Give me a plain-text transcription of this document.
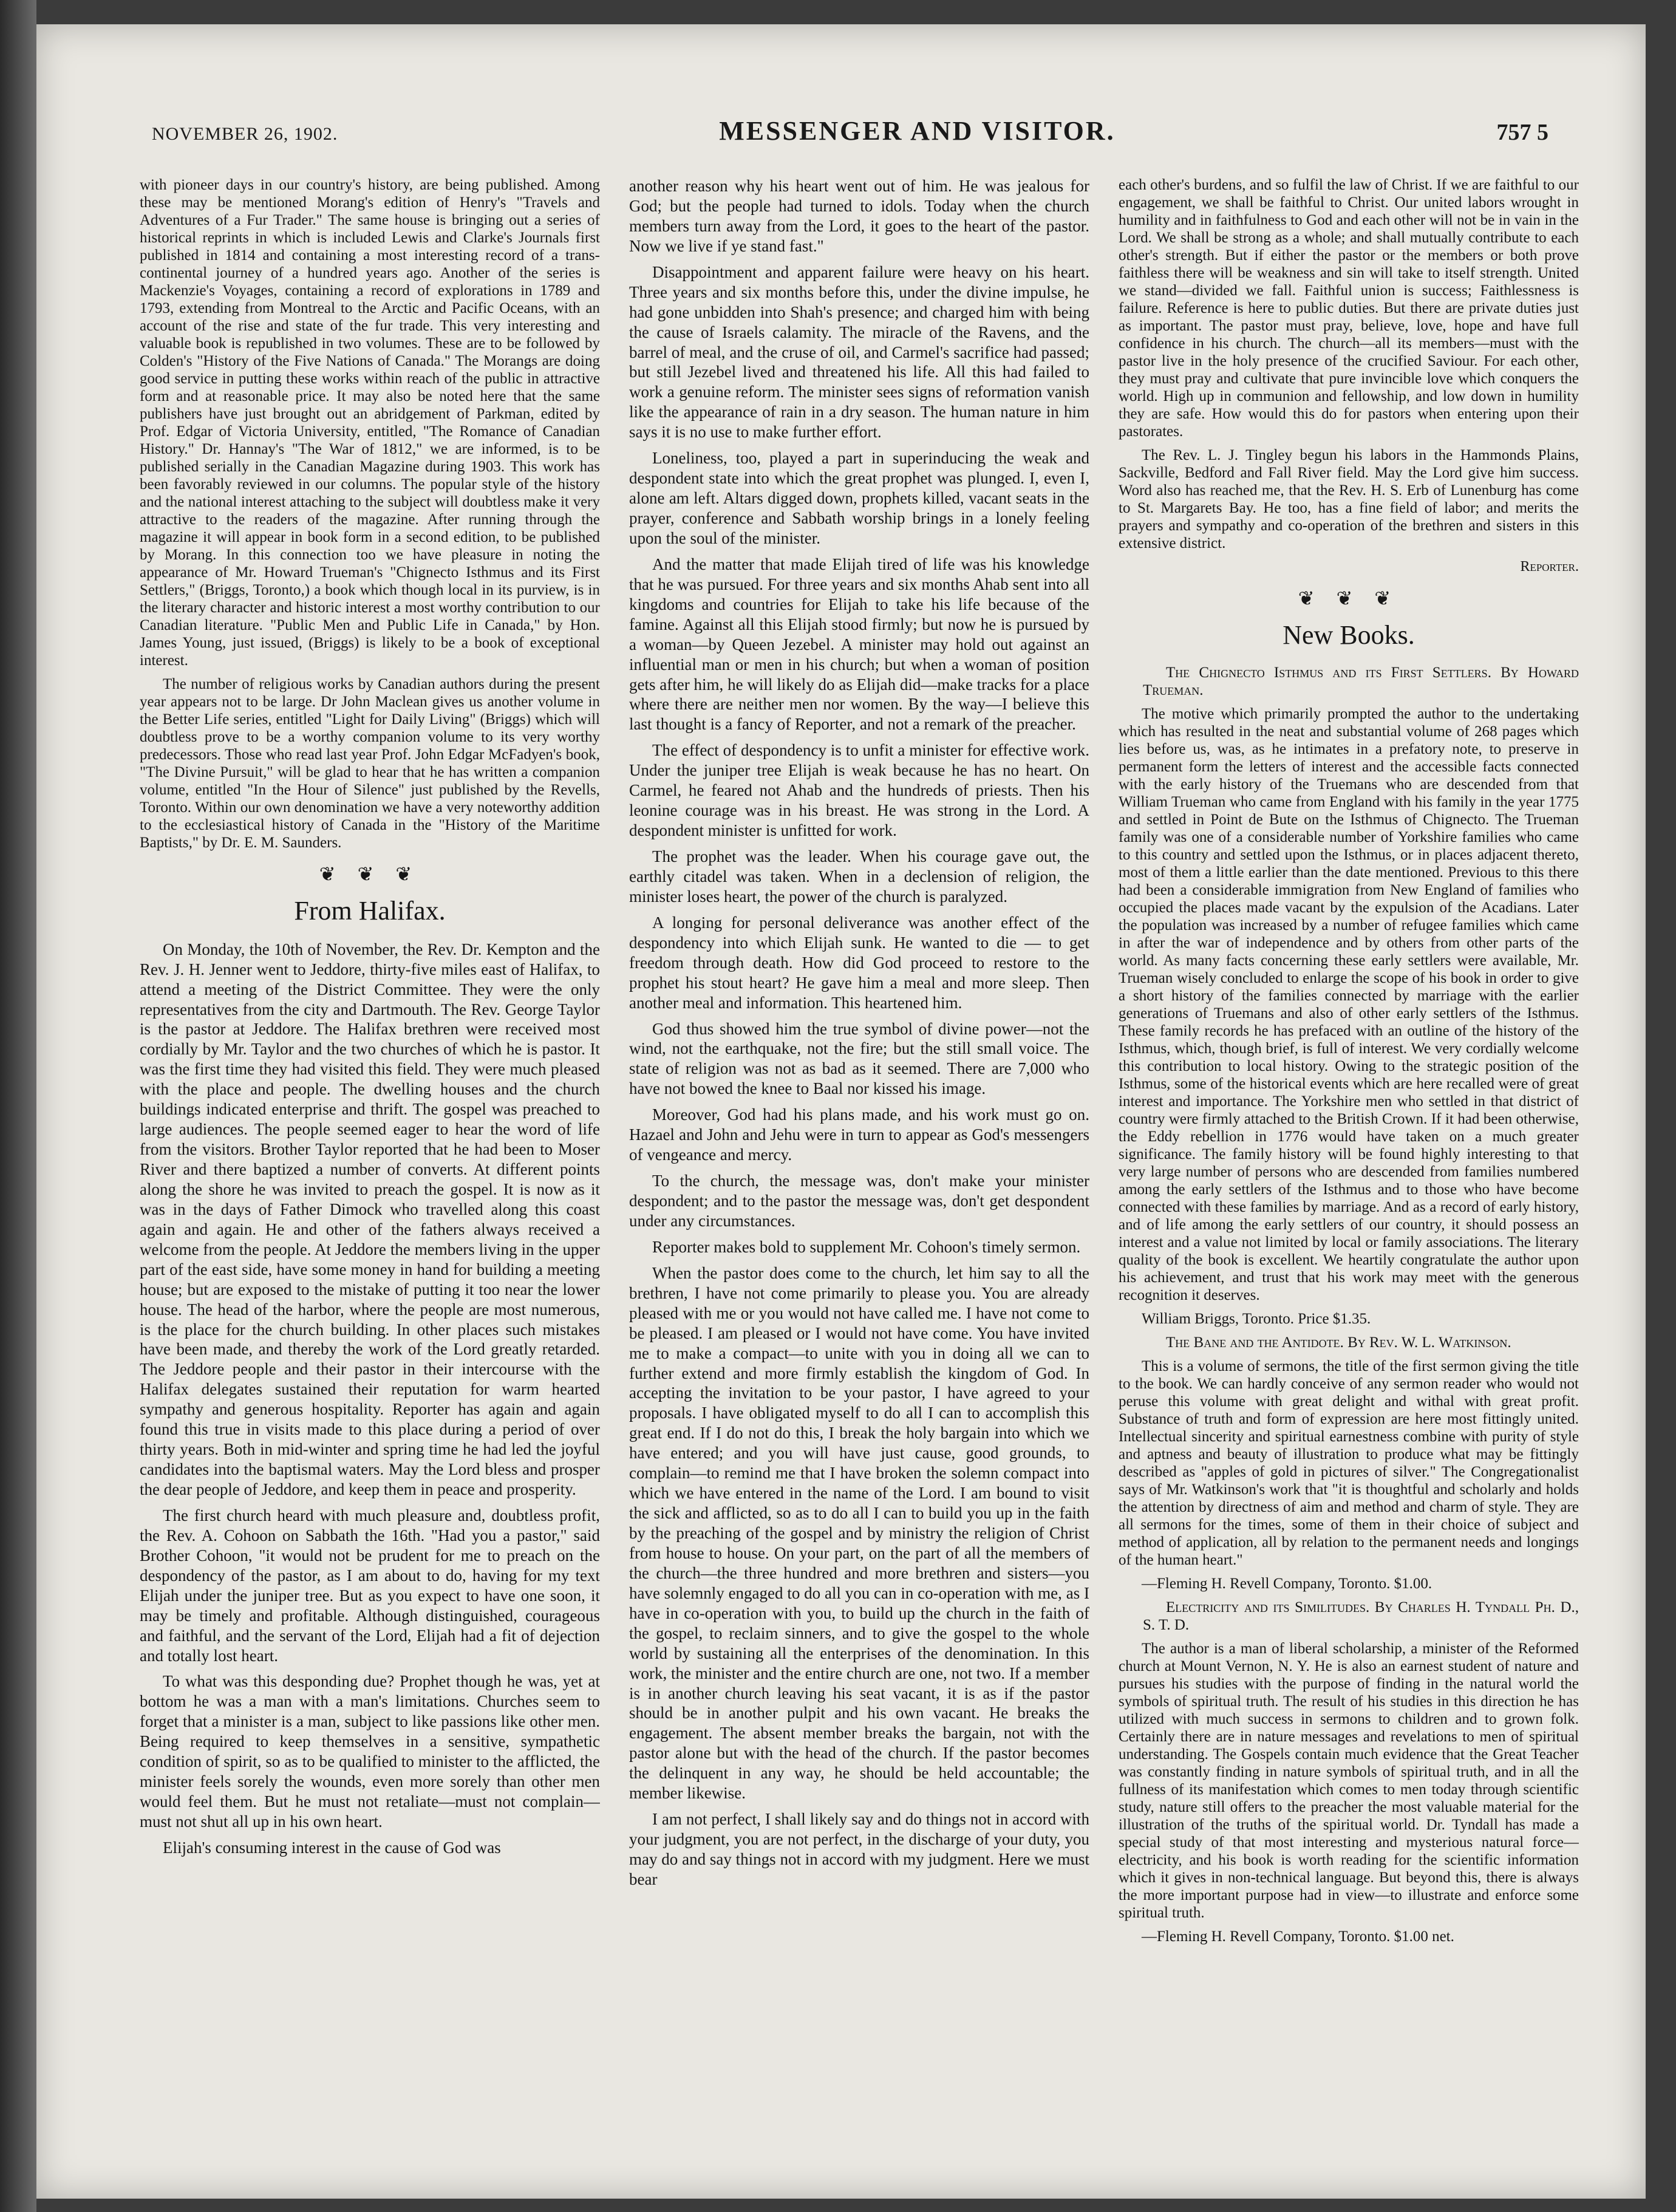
NOVEMBER 26, 1902.	MESSENGER AND VISITOR.	757 5

with pioneer days in our country's history, are being published. Among these may be mentioned Morang's edition of Henry's "Travels and Adventures of a Fur Trader." The same house is bringing out a series of historical reprints in which is included Lewis and Clarke's Journals first published in 1814 and containing a most interesting record of a trans-continental journey of a hundred years ago. Another of the series is Mackenzie's Voyages, containing a record of explorations in 1789 and 1793, extending from Montreal to the Arctic and Pacific Oceans, with an account of the rise and state of the fur trade. This very interesting and valuable book is republished in two volumes. These are to be followed by Colden's "History of the Five Nations of Canada." The Morangs are doing good service in putting these works within reach of the public in attractive form and at reasonable price. It may also be noted here that the same publishers have just brought out an abridgement of Parkman, edited by Prof. Edgar of Victoria University, entitled, "The Romance of Canadian History." Dr. Hannay's "The War of 1812," we are informed, is to be published serially in the Canadian Magazine during 1903. This work has been favorably reviewed in our columns. The popular style of the history and the national interest attaching to the subject will doubtless make it very attractive to the readers of the magazine. After running through the magazine it will appear in book form in a second edition, to be published by Morang. In this connection too we have pleasure in noting the appearance of Mr. Howard Trueman's "Chignecto Isthmus and its First Settlers," (Briggs, Toronto,) a book which though local in its purview, is in the literary character and historic interest a most worthy contribution to our Canadian literature. "Public Men and Public Life in Canada," by Hon. James Young, just issued, (Briggs) is likely to be a book of exceptional interest.

The number of religious works by Canadian authors during the present year appears not to be large. Dr John Maclean gives us another volume in the Better Life series, entitled "Light for Daily Living" (Briggs) which will doubtless prove to be a worthy companion volume to its very worthy predecessors. Those who read last year Prof. John Edgar McFadyen's book, "The Divine Pursuit," will be glad to hear that he has written a companion volume, entitled "In the Hour of Silence" just published by the Revells, Toronto. Within our own denomination we have a very noteworthy addition to the ecclesiastical history of Canada in the "History of the Maritime Baptists," by Dr. E. M. Saunders.

❦ ❦ ❦
From Halifax.

On Monday, the 10th of November, the Rev. Dr. Kempton and the Rev. J. H. Jenner went to Jeddore, thirty-five miles east of Halifax, to attend a meeting of the District Committee. They were the only representatives from the city and Dartmouth. The Rev. George Taylor is the pastor at Jeddore. The Halifax brethren were received most cordially by Mr. Taylor and the two churches of which he is pastor. It was the first time they had visited this field. They were much pleased with the place and people. The dwelling houses and the church buildings indicated enterprise and thrift. The gospel was preached to large audiences. The people seemed eager to hear the word of life from the visitors. Brother Taylor reported that he had been to Moser River and there baptized a number of converts. At different points along the shore he was invited to preach the gospel. It is now as it was in the days of Father Dimock who travelled along this coast again and again. He and other of the fathers always received a welcome from the people. At Jeddore the members living in the upper part of the east side, have some money in hand for building a meeting house; but are exposed to the mistake of putting it too near the lower house. The head of the harbor, where the people are most numerous, is the place for the church building. In other places such mistakes have been made, and thereby the work of the Lord greatly retarded. The Jeddore people and their pastor in their intercourse with the Halifax delegates sustained their reputation for warm hearted sympathy and generous hospitality. Reporter has again and again found this true in visits made to this place during a period of over thirty years. Both in mid-winter and spring time he had led the joyful candidates into the baptismal waters. May the Lord bless and prosper the dear people of Jeddore, and keep them in peace and prosperity.

The first church heard with much pleasure and, doubtless profit, the Rev. A. Cohoon on Sabbath the 16th. "Had you a pastor," said Brother Cohoon, "it would not be prudent for me to preach on the despondency of the pastor, as I am about to do, having for my text Elijah under the juniper tree. But as you expect to have one soon, it may be timely and profitable. Although distinguished, courageous and faithful, and the servant of the Lord, Elijah had a fit of dejection and totally lost heart.

To what was this desponding due? Prophet though he was, yet at bottom he was a man with a man's limitations. Churches seem to forget that a minister is a man, subject to like passions like other men. Being required to keep themselves in a sensitive, sympathetic condition of spirit, so as to be qualified to minister to the afflicted, the minister feels sorely the wounds, even more sorely than other men would feel them. But he must not retaliate—must not complain—must not shut all up in his own heart.

Elijah's consuming interest in the cause of God was

another reason why his heart went out of him. He was jealous for God; but the people had turned to idols. Today when the church members turn away from the Lord, it goes to the heart of the pastor. Now we live if ye stand fast."

Disappointment and apparent failure were heavy on his heart. Three years and six months before this, under the divine impulse, he had gone unbidden into Shah's presence; and charged him with being the cause of Israels calamity. The miracle of the Ravens, and the barrel of meal, and the cruse of oil, and Carmel's sacrifice had passed; but still Jezebel lived and threatened his life. All this had failed to work a genuine reform. The minister sees signs of reformation vanish like the appearance of rain in a dry season. The human nature in him says it is no use to make further effort.

Loneliness, too, played a part in superinducing the weak and despondent state into which the great prophet was plunged. I, even I, alone am left. Altars digged down, prophets killed, vacant seats in the prayer, conference and Sabbath worship brings in a lonely feeling upon the soul of the minister.

And the matter that made Elijah tired of life was his knowledge that he was pursued. For three years and six months Ahab sent into all kingdoms and countries for Elijah to take his life because of the famine. Against all this Elijah stood firmly; but now he is pursued by a woman—by Queen Jezebel. A minister may hold out against an influential man or men in his church; but when a woman of position gets after him, he will likely do as Elijah did—make tracks for a place where there are neither men nor women. By the way—I believe this last thought is a fancy of Reporter, and not a remark of the preacher.

The effect of despondency is to unfit a minister for effective work. Under the juniper tree Elijah is weak because he has no heart. On Carmel, he feared not Ahab and the hundreds of priests. Then his leonine courage was in his breast. He was strong in the Lord. A despondent minister is unfitted for work.

The prophet was the leader. When his courage gave out, the earthly citadel was taken. When in a declension of religion, the minister loses heart, the power of the church is paralyzed.

A longing for personal deliverance was another effect of the despondency into which Elijah sunk. He wanted to die — to get freedom through death. How did God proceed to restore to the prophet his stout heart? He gave him a meal and more sleep. Then another meal and information. This heartened him.

God thus showed him the true symbol of divine power—not the wind, not the earthquake, not the fire; but the still small voice. The state of religion was not as bad as it seemed. There are 7,000 who have not bowed the knee to Baal nor kissed his image.

Moreover, God had his plans made, and his work must go on. Hazael and John and Jehu were in turn to appear as God's messengers of vengeance and mercy.

To the church, the message was, don't make your minister despondent; and to the pastor the message was, don't get despondent under any circumstances.

Reporter makes bold to supplement Mr. Cohoon's timely sermon.

When the pastor does come to the church, let him say to all the brethren, I have not come primarily to please you. You are already pleased with me or you would not have called me. I have not come to be pleased. I am pleased or I would not have come. You have invited me to make a compact—to unite with you in doing all we can to further extend and more firmly establish the kingdom of God. In accepting the invitation to be your pastor, I have agreed to your proposals. I have obligated myself to do all I can to accomplish this great end. If I do not do this, I break the holy bargain into which we have entered; and you will have just cause, good grounds, to complain—to remind me that I have broken the solemn compact into which we have entered in the name of the Lord. I am bound to visit the sick and afflicted, so as to do all I can to build you up in the faith by the preaching of the gospel and by ministry the religion of Christ from house to house. On your part, on the part of all the members of the church—the three hundred and more brethren and sisters—you have solemnly engaged to do all you can in co-operation with me, as I have in co-operation with you, to build up the church in the faith of the gospel, to reclaim sinners, and to give the gospel to the whole world by sustaining all the enterprises of the denomination. In this work, the minister and the entire church are one, not two. If a member is in another church leaving his seat vacant, it is as if the pastor should be in another pulpit and his own vacant. He breaks the engagement. The absent member breaks the bargain, not with the pastor alone but with the head of the church. If the pastor becomes the delinquent in any way, he should be held accountable; the member likewise.

I am not perfect, I shall likely say and do things not in accord with your judgment, you are not perfect, in the discharge of your duty, you may do and say things not in accord with my judgment. Here we must bear

each other's burdens, and so fulfil the law of Christ. If we are faithful to our engagement, we shall be faithful to Christ. Our united labors wrought in humility and in faithfulness to God and each other will not be in vain in the Lord. We shall be strong as a whole; and shall mutually contribute to each other's strength. But if either the pastor or the members or both prove faithless there will be weakness and sin will take to itself strength. United we stand—divided we fall. Faithful union is success; Faithlessness is failure. Reference is here to public duties. But there are private duties just as important. The pastor must pray, believe, love, hope and have full confidence in his church. The church—all its members—must with the pastor live in the holy presence of the crucified Saviour. For each other, they must pray and cultivate that pure invincible love which conquers the world. High up in communion and fellowship, and low down in humility they are safe. How would this do for pastors when entering upon their pastorates.

The Rev. L. J. Tingley begun his labors in the Hammonds Plains, Sackville, Bedford and Fall River field. May the Lord give him success. Word also has reached me, that the Rev. H. S. Erb of Lunenburg has come to St. Margarets Bay. He too, has a fine field of labor; and merits the prayers and sympathy and co-operation of the brethren and sisters in this extensive district.

Reporter.
❦ ❦ ❦
New Books.

The Chignecto Isthmus and its First Settlers. By Howard Trueman.

The motive which primarily prompted the author to the undertaking which has resulted in the neat and substantial volume of 268 pages which lies before us, was, as he intimates in a prefatory note, to preserve in permanent form the letters of interest and the accessible facts connected with the early history of the Truemans who are descended from that William Trueman who came from England with his family in the year 1775 and settled in Point de Bute on the Isthmus of Chignecto. The Trueman family was one of a considerable number of Yorkshire families who came to this country and settled upon the Isthmus, or in places adjacent thereto, most of them a little earlier than the date mentioned. Previous to this there had been a considerable immigration from New England of families who occupied the places made vacant by the expulsion of the Acadians. Later the population was increased by a number of refugee families which came in after the war of independence and by others from other parts of the world. As many facts concerning these early settlers were available, Mr. Trueman wisely concluded to enlarge the scope of his book in order to give a short history of the families connected by marriage with the earlier generations of Truemans and also of other early settlers of the Isthmus. These family records he has prefaced with an outline of the history of the Isthmus, which, though brief, is full of interest. We very cordially welcome this contribution to local history. Owing to the strategic position of the Isthmus, some of the historical events which are here recalled were of great interest and importance. The Yorkshire men who settled in that district of country were firmly attached to the British Crown. If it had been otherwise, the Eddy rebellion in 1776 would have taken on a much greater significance. The family history will be found highly interesting to that very large number of persons who are descended from families numbered among the early settlers of the Isthmus and to those who have become connected with these families by marriage. And as a record of early history, and of life among the early settlers of our country, it should possess an interest and a value not limited by local or family associations. The literary quality of the book is excellent. We heartily congratulate the author upon his achievement, and trust that his work may meet with the generous recognition it deserves.

William Briggs, Toronto. Price $1.35.

The Bane and the Antidote. By Rev. W. L. Watkinson.

This is a volume of sermons, the title of the first sermon giving the title to the book. We can hardly conceive of any sermon reader who would not peruse this volume with great delight and withal with great profit. Substance of truth and form of expression are here most fittingly united. Intellectual sincerity and spiritual earnestness combine with purity of style and aptness and beauty of illustration to produce what may be fittingly described as "apples of gold in pictures of silver." The Congregationalist says of Mr. Watkinson's work that "it is thoughtful and scholarly and holds the attention by directness of aim and method and charm of style. They are all sermons for the times, some of them in their choice of subject and method of application, all by relation to the permanent needs and longings of the human heart."

—Fleming H. Revell Company, Toronto. $1.00.

Electricity and its Similitudes. By Charles H. Tyndall Ph. D., S. T. D.

The author is a man of liberal scholarship, a minister of the Reformed church at Mount Vernon, N. Y. He is also an earnest student of nature and pursues his studies with the purpose of finding in the natural world the symbols of spiritual truth. The result of his studies in this direction he has utilized with much success in sermons to children and to grown folk. Certainly there are in nature messages and revelations to men of spiritual understanding. The Gospels contain much evidence that the Great Teacher was constantly finding in nature symbols of spiritual truth, and in all the fullness of its manifestation which comes to men today through scientific study, nature still offers to the preacher the most valuable material for the illustration of the truths of the spiritual world. Dr. Tyndall has made a special study of that most interesting and mysterious natural force—electricity, and his book is worth reading for the scientific information which it gives in non-technical language. But beyond this, there is always the more important purpose had in view—to illustrate and enforce some spiritual truth.

—Fleming H. Revell Company, Toronto. $1.00 net.
